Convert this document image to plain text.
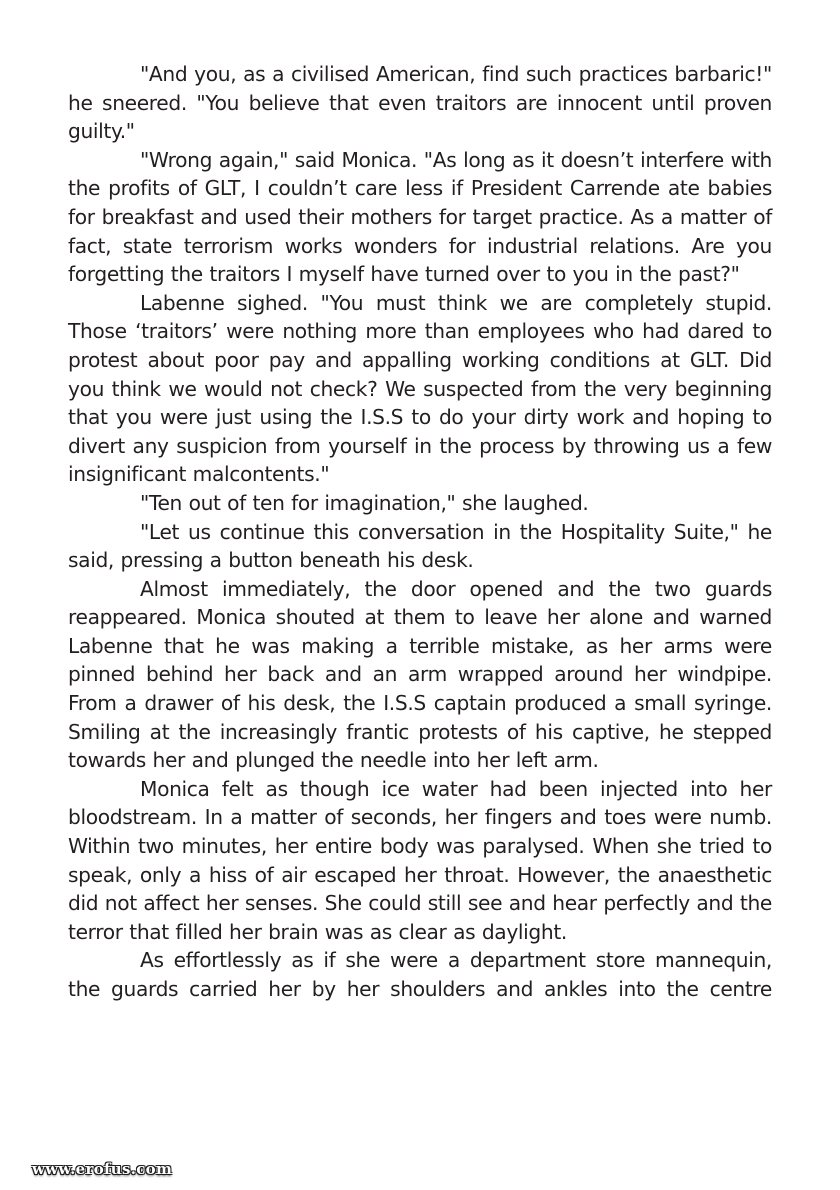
"And you, as a civilised American, find such practices barbaric!" he sneered. "You believe that even traitors are innocent until proven guilty."

"Wrong again," said Monica. "As long as it doesn’t interfere with the profits of GLT, I couldn’t care less if President Carrende ate babies for breakfast and used their mothers for target practice. As a matter of fact, state terrorism works wonders for industrial relations. Are you forgetting the traitors I myself have turned over to you in the past?"

Labenne sighed. "You must think we are completely stupid. Those ‘traitors’ were nothing more than employees who had dared to protest about poor pay and appalling working conditions at GLT. Did you think we would not check? We suspected from the very beginning that you were just using the I.S.S to do your dirty work and hoping to divert any suspicion from yourself in the process by throwing us a few insignificant malcontents."

"Ten out of ten for imagination," she laughed.

"Let us continue this conversation in the Hospitality Suite," he said, pressing a button beneath his desk.

Almost immediately, the door opened and the two guards reappeared. Monica shouted at them to leave her alone and warned Labenne that he was making a terrible mistake, as her arms were pinned behind her back and an arm wrapped around her windpipe. From a drawer of his desk, the I.S.S captain produced a small syringe. Smiling at the increasingly frantic protests of his captive, he stepped towards her and plunged the needle into her left arm.

Monica felt as though ice water had been injected into her bloodstream. In a matter of seconds, her fingers and toes were numb. Within two minutes, her entire body was paralysed. When she tried to speak, only a hiss of air escaped her throat. However, the anaesthetic did not affect her senses. She could still see and hear perfectly and the terror that filled her brain was as clear as daylight.

As effortlessly as if she were a department store mannequin, the guards carried her by her shoulders and ankles into the centre

www.erofus.com
